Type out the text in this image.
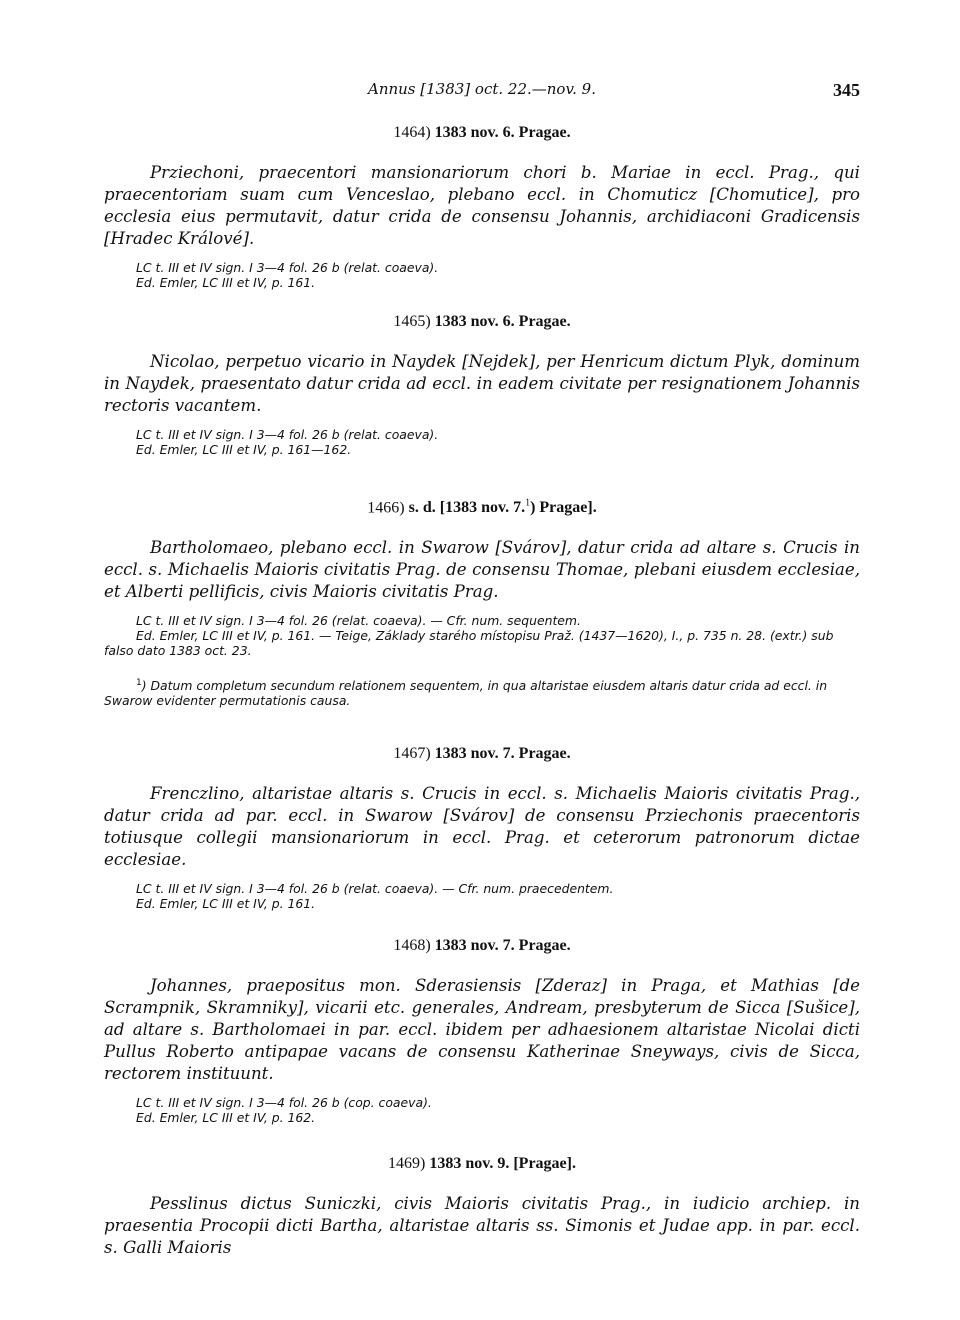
Annus [1383] oct. 22.—nov. 9.	345
1464) 1383 nov. 6. Pragae.

Prziechoni, praecentori mansionariorum chori b. Mariae in eccl. Prag., qui praecentoriam suam cum Venceslao, plebano eccl. in Chomuticz [Chomutice], pro ecclesia eius permutavit, datur crida de consensu Johannis, archidiaconi Gradicensis [Hradec Králové].

LC t. III et IV sign. I 3—4 fol. 26 b (relat. coaeva).
Ed. Emler, LC III et IV, p. 161.
1465) 1383 nov. 6. Pragae.

Nicolao, perpetuo vicario in Naydek [Nejdek], per Henricum dictum Plyk, dominum in Naydek, praesentato datur crida ad eccl. in eadem civitate per resignationem Johannis rectoris vacantem.

LC t. III et IV sign. I 3—4 fol. 26 b (relat. coaeva).
Ed. Emler, LC III et IV, p. 161—162.
1466) s. d. [1383 nov. 7.$^1$) Pragae].

Bartholomaeo, plebano eccl. in Swarow [Svárov], datur crida ad altare s. Crucis in eccl. s. Michaelis Maioris civitatis Prag. de consensu Thomae, plebani eiusdem ecclesiae, et Alberti pellificis, civis Maioris civitatis Prag.

LC t. III et IV sign. I 3—4 fol. 26 (relat. coaeva). — Cfr. num. sequentem.
Ed. Emler, LC III et IV, p. 161. — Teige, Základy starého místopisu Praž. (1437—1620), I., p. 735 n. 28. (extr.) sub falso dato 1383 oct. 23.
$^1$) Datum completum secundum relationem sequentem, in qua altaristae eiusdem altaris datur crida ad eccl. in Swarow evidenter permutationis causa.
1467) 1383 nov. 7. Pragae.

Frenczlino, altaristae altaris s. Crucis in eccl. s. Michaelis Maioris civitatis Prag., datur crida ad par. eccl. in Swarow [Svárov] de consensu Prziechonis praecentoris totiusque collegii mansionariorum in eccl. Prag. et ceterorum patronorum dictae ecclesiae.

LC t. III et IV sign. I 3—4 fol. 26 b (relat. coaeva). — Cfr. num. praecedentem.
Ed. Emler, LC III et IV, p. 161.
1468) 1383 nov. 7. Pragae.

Johannes, praepositus mon. Sderasiensis [Zderaz] in Praga, et Mathias [de Scrampnik, Skramniky], vicarii etc. generales, Andream, presbyterum de Sicca [Sušice], ad altare s. Bartholomaei in par. eccl. ibidem per adhaesionem altaristae Nicolai dicti Pullus Roberto antipapae vacans de consensu Katherinae Sneyways, civis de Sicca, rectorem instituunt.

LC t. III et IV sign. I 3—4 fol. 26 b (cop. coaeva).
Ed. Emler, LC III et IV, p. 162.
1469) 1383 nov. 9. [Pragae].

Pesslinus dictus Suniczki, civis Maioris civitatis Prag., in iudicio archiep. in praesentia Procopii dicti Bartha, altaristae altaris ss. Simonis et Judae app. in par. eccl. s. Galli Maioris
